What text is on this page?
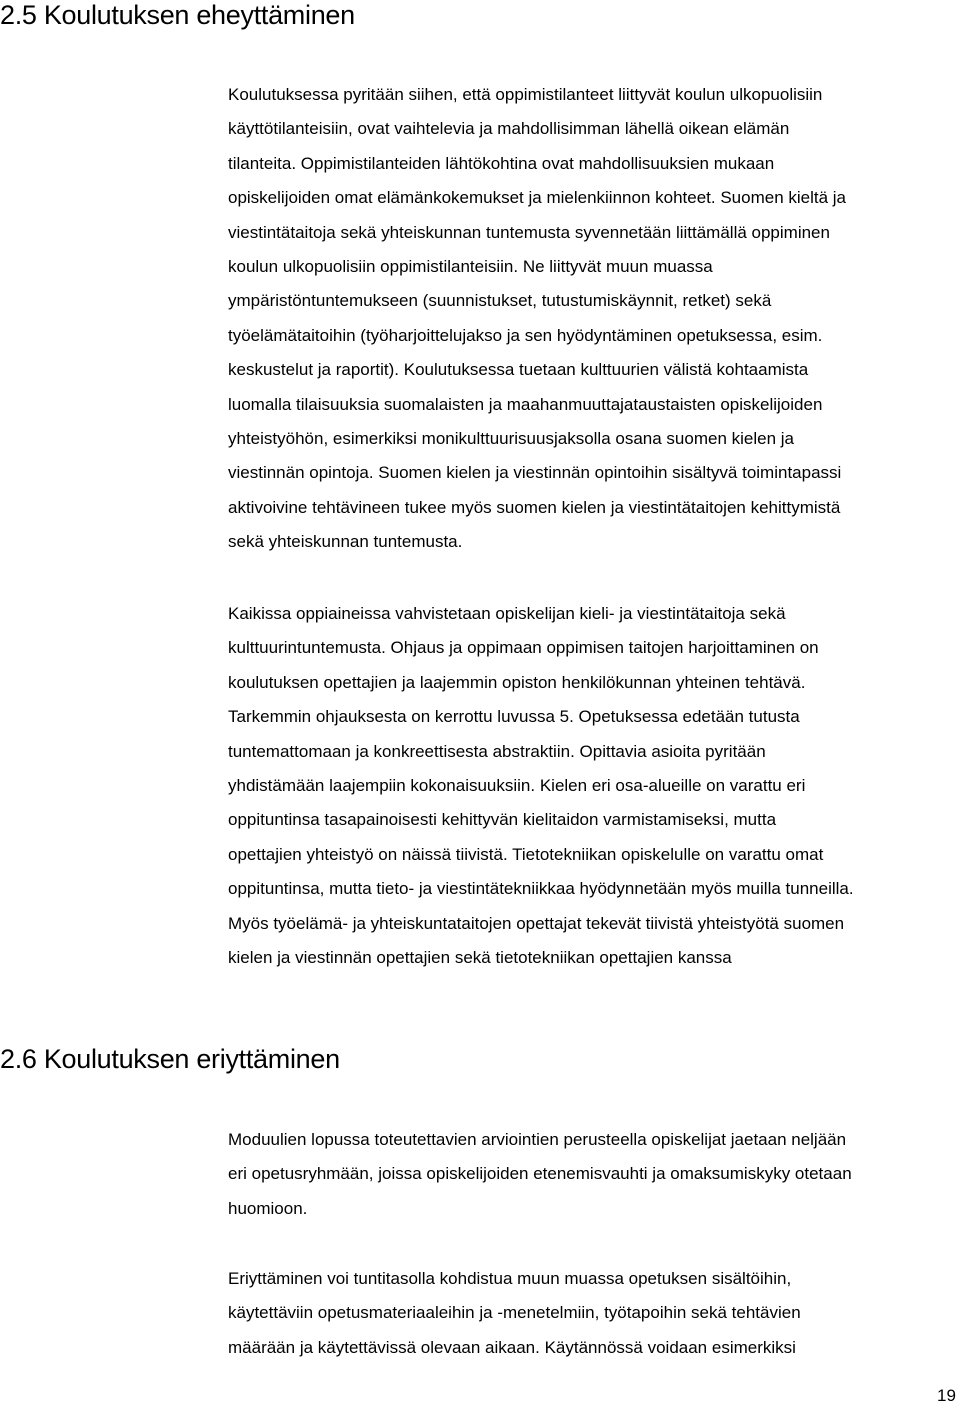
2.5 Koulutuksen eheyttäminen
Koulutuksessa pyritään siihen, että oppimistilanteet liittyvät koulun ulkopuolisiin
käyttötilanteisiin, ovat vaihtelevia ja mahdollisimman lähellä oikean elämän
tilanteita. Oppimistilanteiden lähtökohtina ovat mahdollisuuksien mukaan
opiskelijoiden omat elämänkokemukset ja mielenkiinnon kohteet. Suomen kieltä ja
viestintätaitoja sekä yhteiskunnan tuntemusta syvennetään liittämällä oppiminen
koulun ulkopuolisiin oppimistilanteisiin. Ne liittyvät muun muassa
ympäristöntuntemukseen (suunnistukset, tutustumiskäynnit, retket) sekä
työelämätaitoihin (työharjoittelujakso ja sen hyödyntäminen opetuksessa, esim.
keskustelut ja raportit). Koulutuksessa tuetaan kulttuurien välistä kohtaamista
luomalla tilaisuuksia suomalaisten ja maahanmuuttajataustaisten opiskelijoiden
yhteistyöhön, esimerkiksi monikulttuurisuusjaksolla osana suomen kielen ja
viestinnän opintoja. Suomen kielen ja viestinnän opintoihin sisältyvä toimintapassi
aktivoivine tehtävineen tukee myös suomen kielen ja viestintätaitojen kehittymistä
sekä yhteiskunnan tuntemusta.
Kaikissa oppiaineissa vahvistetaan opiskelijan kieli- ja viestintätaitoja sekä
kulttuurintuntemusta. Ohjaus ja oppimaan oppimisen taitojen harjoittaminen on
koulutuksen opettajien ja laajemmin opiston henkilökunnan yhteinen tehtävä.
Tarkemmin ohjauksesta on kerrottu luvussa 5. Opetuksessa edetään tutusta
tuntemattomaan ja konkreettisesta abstraktiin. Opittavia asioita pyritään
yhdistämään laajempiin kokonaisuuksiin. Kielen eri osa-alueille on varattu eri
oppituntinsa tasapainoisesti kehittyvän kielitaidon varmistamiseksi, mutta
opettajien yhteistyö on näissä tiivistä. Tietotekniikan opiskelulle on varattu omat
oppituntinsa, mutta tieto- ja viestintätekniikkaa hyödynnetään myös muilla tunneilla.
Myös työelämä- ja yhteiskuntataitojen opettajat tekevät tiivistä yhteistyötä suomen
kielen ja viestinnän opettajien sekä tietotekniikan opettajien kanssa
2.6 Koulutuksen eriyttäminen
Moduulien lopussa toteutettavien arviointien perusteella opiskelijat jaetaan neljään
eri opetusryhmään, joissa opiskelijoiden etenemisvauhti ja omaksumiskyky otetaan
huomioon.
Eriyttäminen voi tuntitasolla kohdistua muun muassa opetuksen sisältöihin,
käytettäviin opetusmateriaaleihin ja -menetelmiin, työtapoihin sekä tehtävien
määrään ja käytettävissä olevaan aikaan. Käytännössä voidaan esimerkiksi
19
